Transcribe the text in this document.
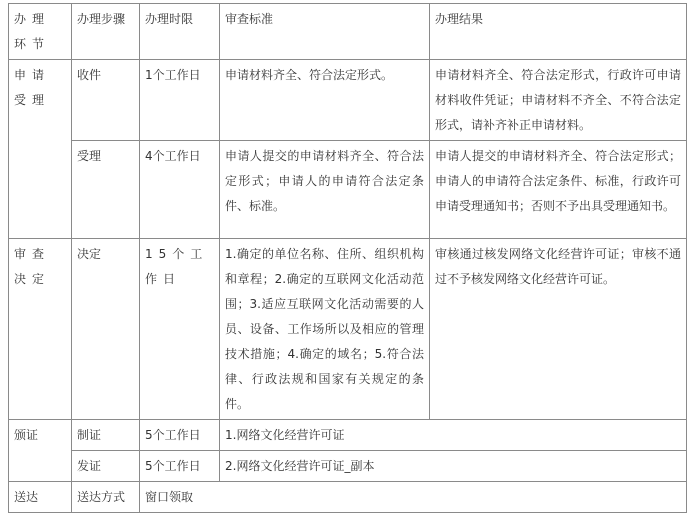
办理环节	办理步骤	办理时限	审查标准	办理结果
申请受理	收件	1个工作日	申请材料齐全、符合法定形式。	申请材料齐全、符合法定形式，行政许可申请材料收件凭证；申请材料不齐全、不符合法定形式，请补齐补正申请材料。
	受理	4个工作日	申请人提交的申请材料齐全、符合法定形式；申请人的申请符合法定条件、标准。	申请人提交的申请材料齐全、符合法定形式；申请人的申请符合法定条件、标准，行政许可申请受理通知书；否则不予出具受理通知书。
审查决定	决定	15个工作日	1.确定的单位名称、住所、组织机构和章程；2.确定的互联网文化活动范围；3.适应互联网文化活动需要的人员、设备、工作场所以及相应的管理技术措施；4.确定的域名；5.符合法律、行政法规和国家有关规定的条件。	审核通过核发网络文化经营许可证；审核不通过不予核发网络文化经营许可证。
颁证	制证	5个工作日	1.网络文化经营许可证	
	发证	5个工作日	2.网络文化经营许可证_副本	
送达	送达方式	窗口领取		
